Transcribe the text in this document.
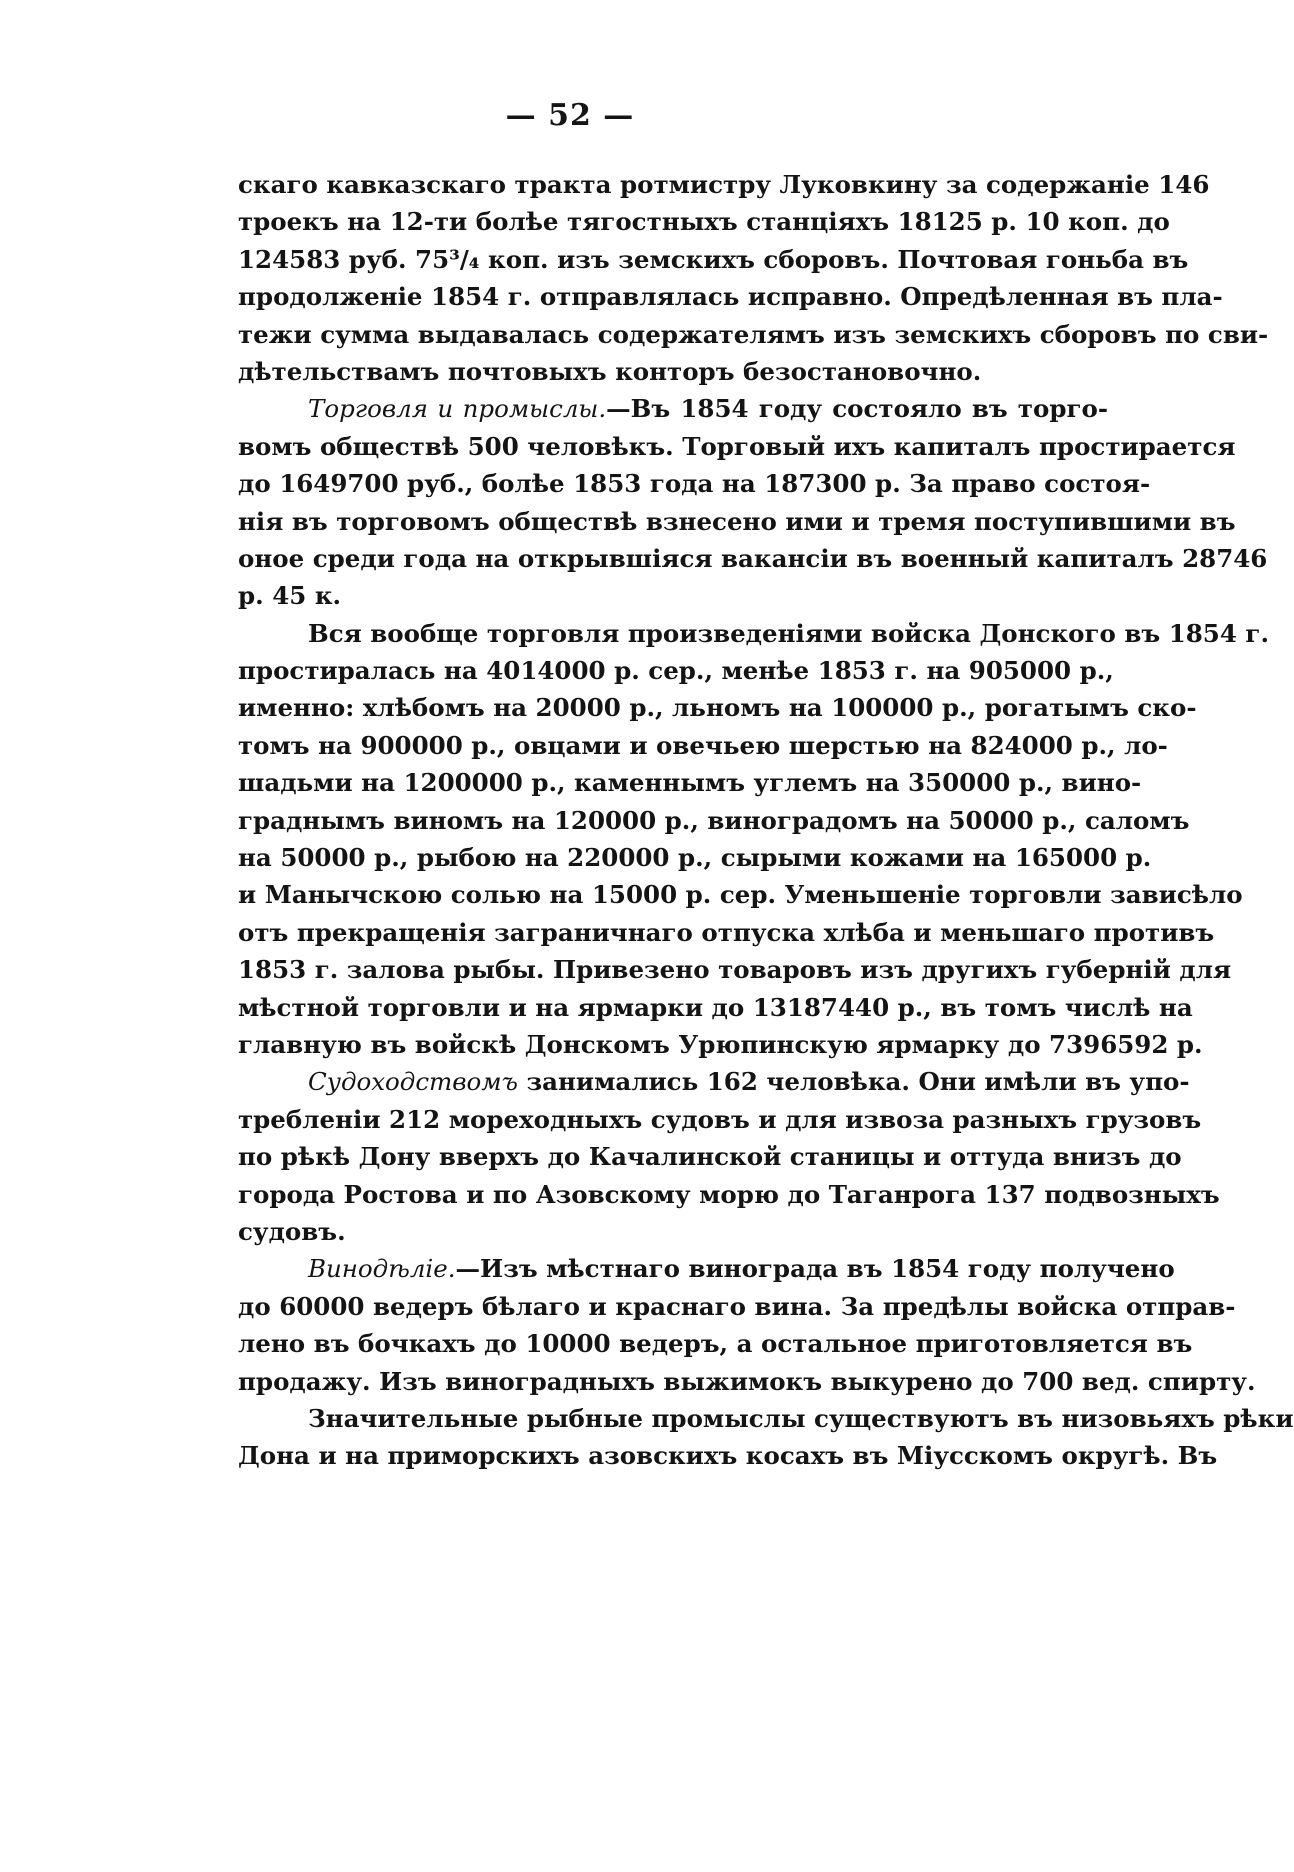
— 52 —
скаго кавказскаго тракта ротмистру Луковкину за содержаніе 146
троекъ на 12-ти болѣе тягостныхъ станціяхъ 18125 р. 10 коп. до
124583 руб. 75³/₄ коп. изъ земскихъ сборовъ. Почтовая гоньба въ
продолженіе 1854 г. отправлялась исправно. Опредѣленная въ пла-
тежи сумма выдавалась содержателямъ изъ земскихъ сборовъ по сви-
дѣтельствамъ почтовыхъ конторъ безостановочно.
Торговля и промыслы.—Въ 1854 году состояло въ торго-
вомъ обществѣ 500 человѣкъ. Торговый ихъ капиталъ простирается
до 1649700 руб., болѣе 1853 года на 187300 р. За право состоя-
нія въ торговомъ обществѣ взнесено ими и тремя поступившими въ
оное среди года на открывшіяся вакансіи въ военный капиталъ 28746
р. 45 к.
Вся вообще торговля произведеніями войска Донского въ 1854 г.
простиралась на 4014000 р. сер., менѣе 1853 г. на 905000 р.,
именно: хлѣбомъ на 20000 р., льномъ на 100000 р., рогатымъ ско-
томъ на 900000 р., овцами и овечьею шерстью на 824000 р., ло-
шадьми на 1200000 р., каменнымъ углемъ на 350000 р., вино-
граднымъ виномъ на 120000 р., виноградомъ на 50000 р., саломъ
на 50000 р., рыбою на 220000 р., сырыми кожами на 165000 р.
и Манычскою солью на 15000 р. сер. Уменьшеніе торговли зависѣло
отъ прекращенія заграничнаго отпуска хлѣба и меньшаго противъ
1853 г. залова рыбы. Привезено товаровъ изъ другихъ губерній для
мѣстной торговли и на ярмарки до 13187440 р., въ томъ числѣ на
главную въ войскѣ Донскомъ Урюпинскую ярмарку до 7396592 р.
Судоходствомъ занимались 162 человѣка. Они имѣли въ упо-
требленіи 212 мореходныхъ судовъ и для извоза разныхъ грузовъ
по рѣкѣ Дону вверхъ до Качалинской станицы и оттуда внизъ до
города Ростова и по Азовскому морю до Таганрога 137 подвозныхъ
судовъ.
Винодѣліе.—Изъ мѣстнаго винограда въ 1854 году получено
до 60000 ведеръ бѣлаго и краснаго вина. За предѣлы войска отправ-
лено въ бочкахъ до 10000 ведеръ, а остальное приготовляется въ
продажу. Изъ виноградныхъ выжимокъ выкурено до 700 вед. спирту.
Значительные рыбные промыслы существуютъ въ низовьяхъ рѣки
Дона и на приморскихъ азовскихъ косахъ въ Міусскомъ округѣ. Въ
